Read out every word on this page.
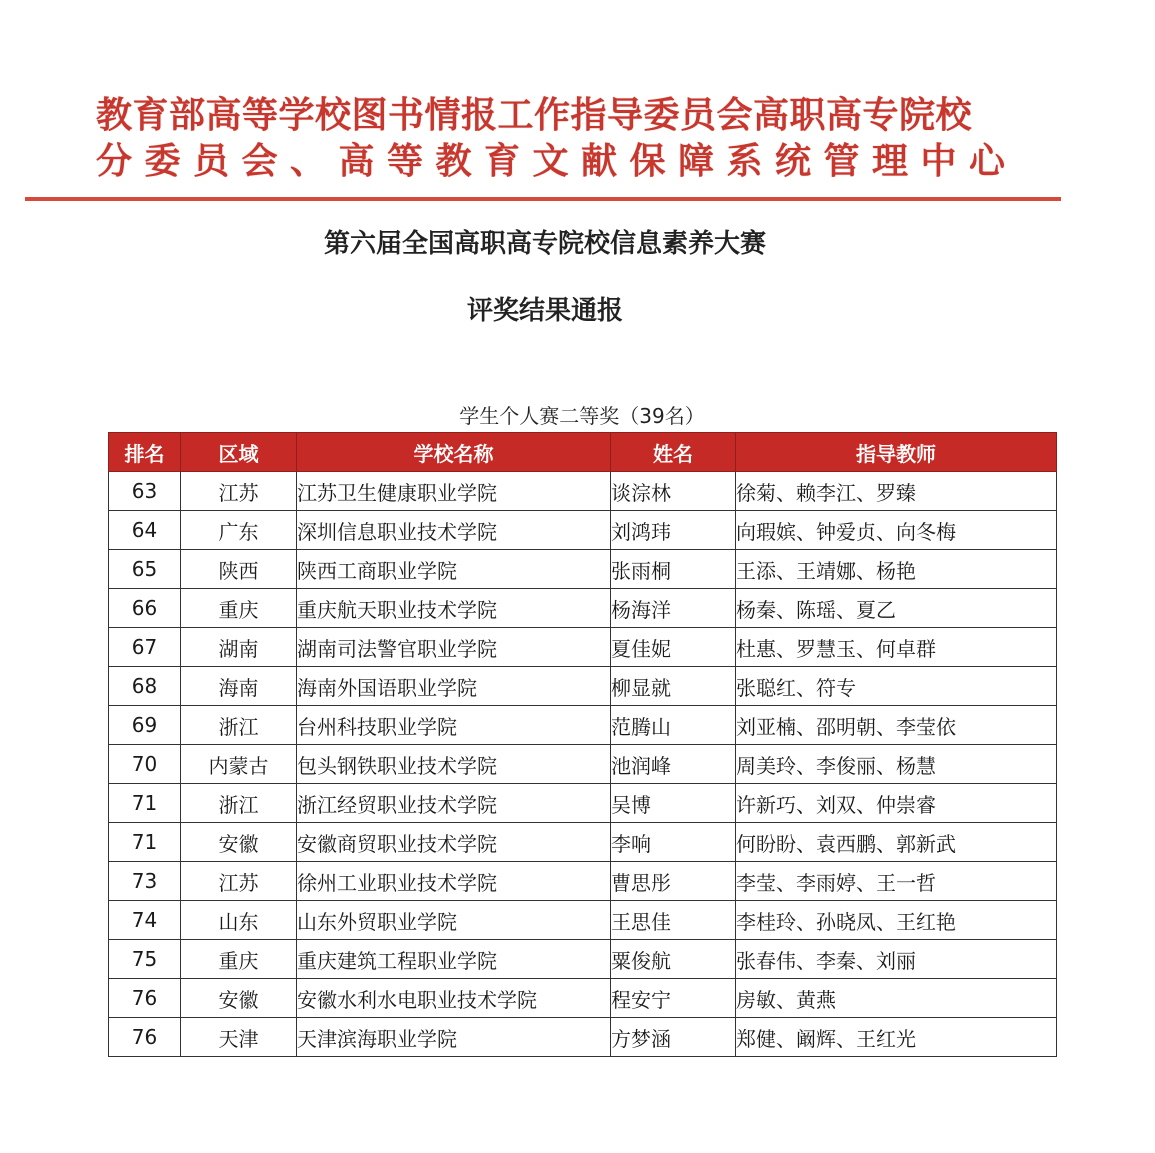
教育部高等学校图书情报工作指导委员会高职高专院校
分委员会、高等教育文献保障系统管理中心
第六届全国高职高专院校信息素养大赛
评奖结果通报
学生个人赛二等奖（39名）
排名	区域	学校名称	姓名	指导教师
63	江苏	江苏卫生健康职业学院	谈淙林	徐菊、赖李江、罗臻
64	广东	深圳信息职业技术学院	刘鸿玮	向瑕嫔、钟爱贞、向冬梅
65	陕西	陕西工商职业学院	张雨桐	王添、王靖娜、杨艳
66	重庆	重庆航天职业技术学院	杨海洋	杨秦、陈瑶、夏乙
67	湖南	湖南司法警官职业学院	夏佳妮	杜惠、罗慧玉、何卓群
68	海南	海南外国语职业学院	柳显就	张聪红、符专
69	浙江	台州科技职业学院	范腾山	刘亚楠、邵明朝、李莹依
70	内蒙古	包头钢铁职业技术学院	池润峰	周美玲、李俊丽、杨慧
71	浙江	浙江经贸职业技术学院	吴博	许新巧、刘双、仲崇睿
71	安徽	安徽商贸职业技术学院	李响	何盼盼、袁西鹏、郭新武
73	江苏	徐州工业职业技术学院	曹思彤	李莹、李雨婷、王一哲
74	山东	山东外贸职业学院	王思佳	李桂玲、孙晓凤、王红艳
75	重庆	重庆建筑工程职业学院	粟俊航	张春伟、李秦、刘丽
76	安徽	安徽水利水电职业技术学院	程安宁	房敏、黄燕
76	天津	天津滨海职业学院	方梦涵	郑健、阚辉、王红光
